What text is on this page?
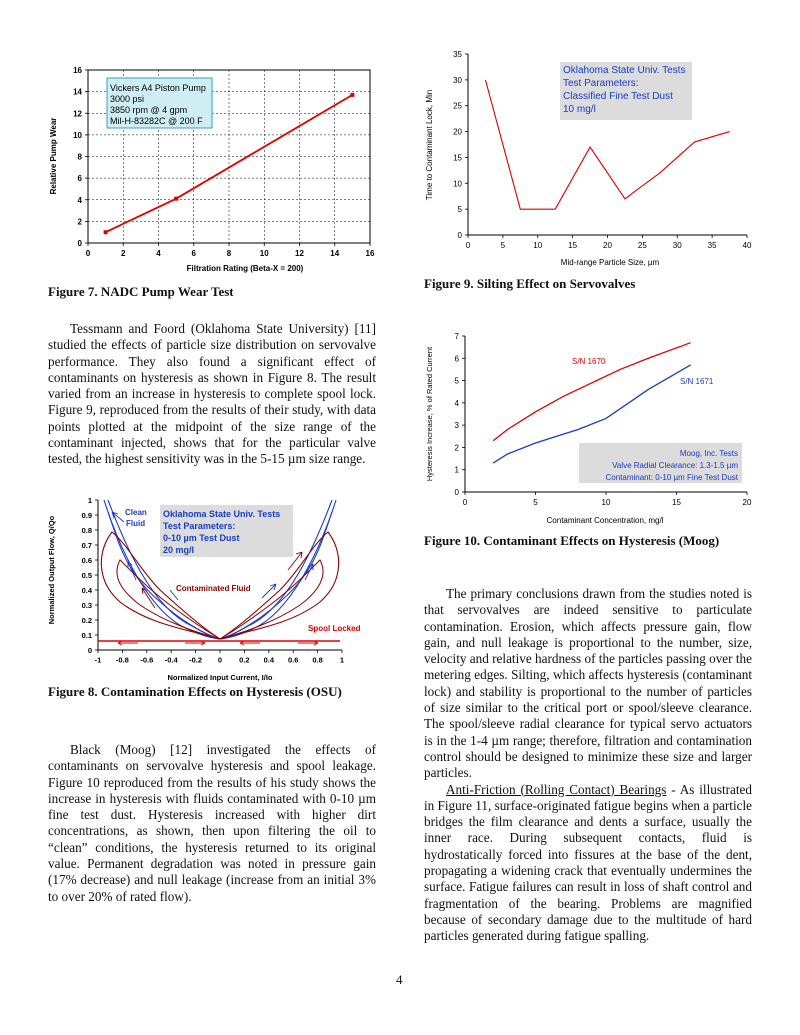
0	2	4	6	8	10	12	14	16
0
2
4
6
8
10
12
14
16
Vickers A4 Piston Pump
3000 psi
3850 rpm @ 4 gpm
Mil-H-83282C @ 200 F
Filtration Rating (Beta-X = 200)
Relative Pump Wear
Figure 7. NADC Pump Wear Test
0	5	10	15	20	25	30	35	40
0
5
10
15
20
25
30
35
Oklahoma State Univ. Tests
Test Parameters:
Classified Fine Test Dust
10 mg/l
Mid-range Particle Size, µm
Time to Contaminant Lock, Min
Figure 9. Silting Effect on Servovalves
0	5	10	15	20
0
1
2
3
4
5
6
7
Moog, Inc. Tests
Valve Radial Clearance: 1.3-1.5 µm
Contaminant: 0-10 µm Fine Test Dust
S/N 1670
S/N 1671
Contaminant Concentration, mg/l
Hysteresis Increase, % of Rated Current
Figure 10. Contaminant Effects on Hysteresis (Moog)
-1 -0.8 -0.6 -0.4 -0.2 0 0.2 0.4 0.6 0.8 1
0
0.1
0.2
0.3
0.4
0.5
0.6
0.7
0.8
0.9
1
Oklahoma State Univ. Tests
Test Parameters:
0-10 µm Test Dust
20 mg/l
Clean Fluid
Contaminated Fluid
Spool Locked
Normalized Input Current, I/Io
Normalized Output Flow, Q/Qo
Figure 8. Contamination Effects on Hysteresis (OSU)

Tessmann and Foord (Oklahoma State University) [11] studied the effects of particle size distribution on servovalve performance. They also found a significant effect of contaminants on hysteresis as shown in Figure 8. The result varied from an increase in hysteresis to complete spool lock. Figure 9, reproduced from the results of their study, with data points plotted at the midpoint of the size range of the contaminant injected, shows that for the particular valve tested, the highest sensitivity was in the 5-15 µm size range.

Black (Moog) [12] investigated the effects of contaminants on servovalve hysteresis and spool leakage. Figure 10 reproduced from the results of his study shows the increase in hysteresis with fluids contaminated with 0-10 µm fine test dust. Hysteresis increased with higher dirt concentrations, as shown, then upon filtering the oil to “clean” conditions, the hysteresis returned to its original value. Permanent degradation was noted in pressure gain (17% decrease) and null leakage (increase from an initial 3% to over 20% of rated flow).

The primary conclusions drawn from the studies noted is that servovalves are indeed sensitive to particulate contamination. Erosion, which affects pressure gain, flow gain, and null leakage is proportional to the number, size, velocity and relative hardness of the particles passing over the metering edges. Silting, which affects hysteresis (contaminant lock) and stability is proportional to the number of particles of size similar to the critical port or spool/sleeve clearance. The spool/sleeve radial clearance for typical servo actuators is in the 1-4 µm range; therefore, filtration and contamination control should be designed to minimize these size and larger particles.

Anti-Friction (Rolling Contact) Bearings - As illustrated in Figure 11, surface-originated fatigue begins when a particle bridges the film clearance and dents a surface, usually the inner race. During subsequent contacts, fluid is hydrostatically forced into fissures at the base of the dent, propagating a widening crack that eventually undermines the surface. Fatigue failures can result in loss of shaft control and fragmentation of the bearing. Problems are magnified because of secondary damage due to the multitude of hard particles generated during fatigue spalling.

4
